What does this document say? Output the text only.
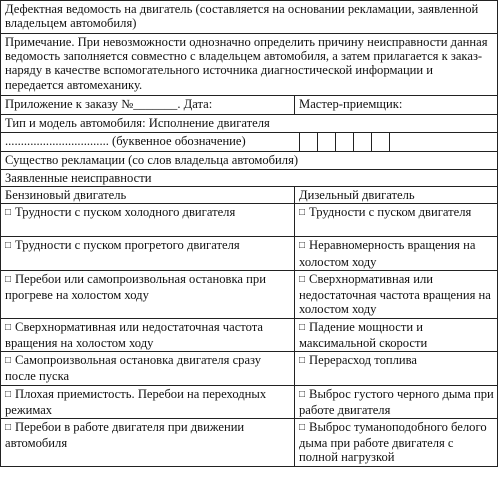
Дефектная ведомость на двигатель (составляется на основании рекламации, заявленной владельцем автомобиля)	
Примечание. При невозможности однозначно определить причину неисправности данная ведомость заполняется совместно с владельцем автомобиля, а затем прилагается к заказ-наряду в качестве вспомогательного источника диагностической информации и передается автомеханику.	
Приложение к заказу №_______. Дата:	Мастер-приемщик:
Тип и модель автомобиля: Исполнение двигателя	

................................. (буквенное обозначение)	

Существо рекламации (со слов владельца автомобиля)	
Заявленные неисправности	
Бензиновый двигатель	Дизельный двигатель
□ Трудности с пуском холодного двигателя	□ Трудности с пуском двигателя
□ Трудности с пуском прогретого двигателя	□ Неравномерность вращения на холостом ходу
□ Перебои или самопроизвольная остановка при прогреве на холостом ходу	□ Сверхнормативная или недостаточная частота вращения на холостом ходу
□ Сверхнормативная или недостаточная частота вращения на холостом ходу	□ Падение мощности и максимальной скорости
□ Самопроизвольная остановка двигателя сразу после пуска	□ Перерасход топлива
□ Плохая приемистость. Перебои на переходных режимах	□ Выброс густого черного дыма при работе двигателя
□ Перебои в работе двигателя при движении автомобиля	□ Выброс туманоподобного белого дыма при работе двигателя с полной нагрузкой
